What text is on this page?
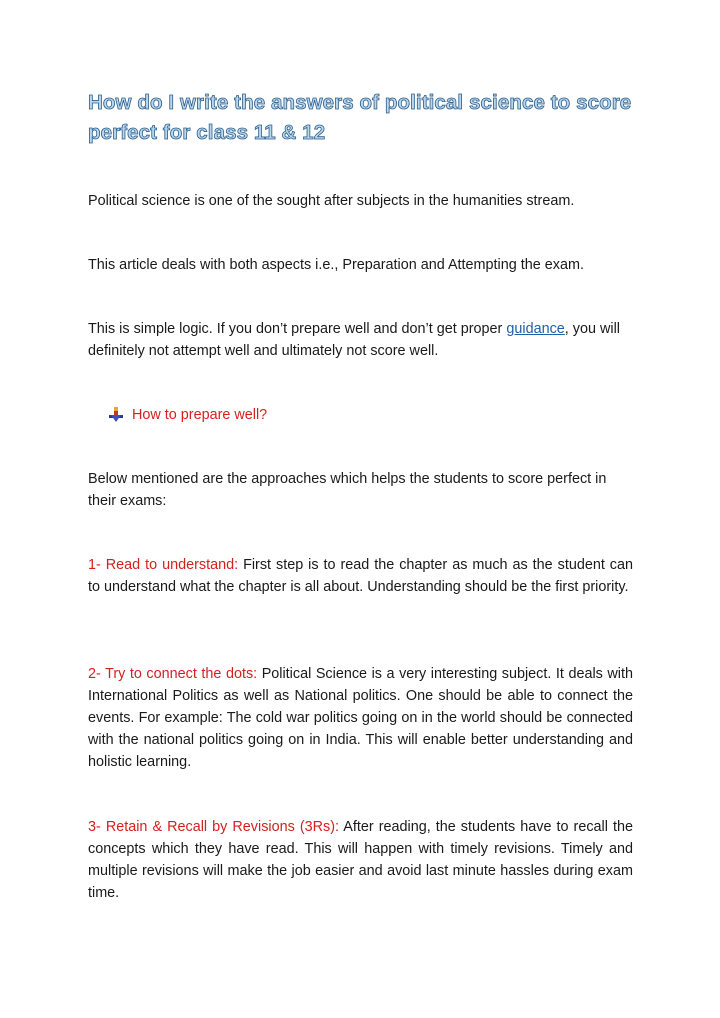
How do I write the answers of political science to score perfect for class 11 & 12

Political science is one of the sought after subjects in the humanities stream.

This article deals with both aspects i.e., Preparation and Attempting the exam.

This is simple logic. If you don’t prepare well and don’t get proper guidance, you will definitely not attempt well and ultimately not score well.

How to prepare well?

Below mentioned are the approaches which helps the students to score perfect in their exams:

1- Read to understand: First step is to read the chapter as much as the student can to understand what the chapter is all about. Understanding should be the first priority.

2- Try to connect the dots: Political Science is a very interesting subject. It deals with International Politics as well as National politics. One should be able to connect the events. For example: The cold war politics going on in the world should be connected with the national politics going on in India. This will enable better understanding and holistic learning.

3- Retain & Recall by Revisions (3Rs): After reading, the students have to recall the concepts which they have read. This will happen with timely revisions. Timely and multiple revisions will make the job easier and avoid last minute hassles during exam time.
